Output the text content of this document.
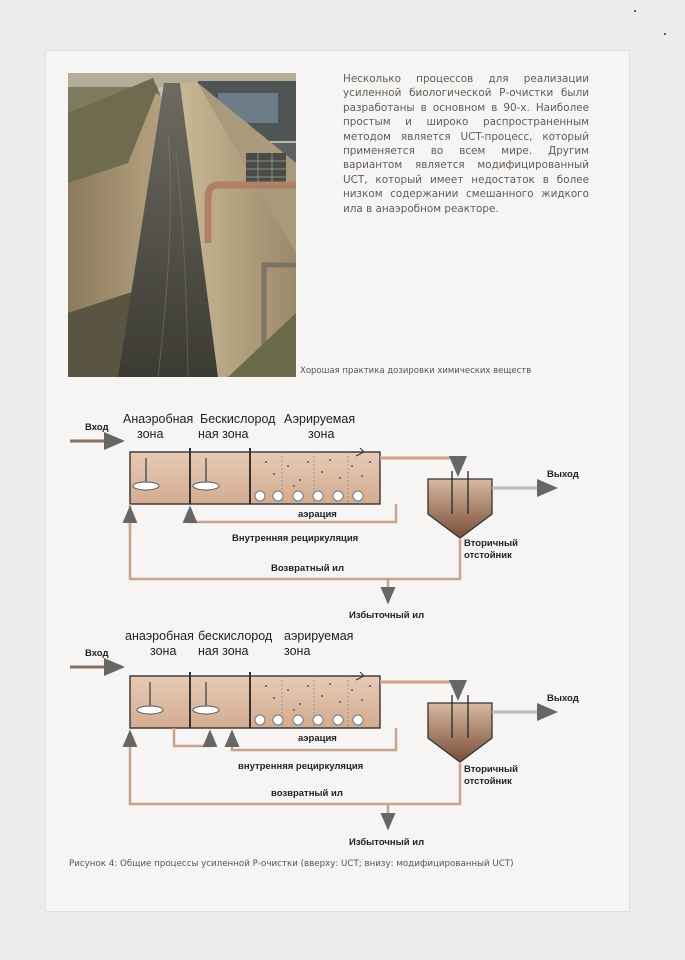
Несколько процессов для реализации усиленной биологической Р-очистки были разработаны в основном в 90-х. Наиболее простым и широко распространенным методом является UCT-процесс, который применяется во всем мире. Другим вариантом является модифицированный UCT, который имеет недостаток в более низком содержании смешанного жидкого ила в анаэробном реакторе.
Хорошая практика дозировки химических веществ
Вход
Анаэробная
зона
Бескислород
ная зона
Аэрируемая
зона
Выход
Вторичный
отстойник
аэрация
Внутренняя рециркуляция
Возвратный ил
Избыточный ил
Вход
анаэробная
зона
бескислород
ная зона
аэрируемая
зона
Выход
Вторичный
отстойник
аэрация
внутренняя рециркуляция
возвратный ил
Избыточный ил
Рисунок 4: Общие процессы усиленной Р-очистки (вверху: UCT; внизу: модифицированный UCT)
